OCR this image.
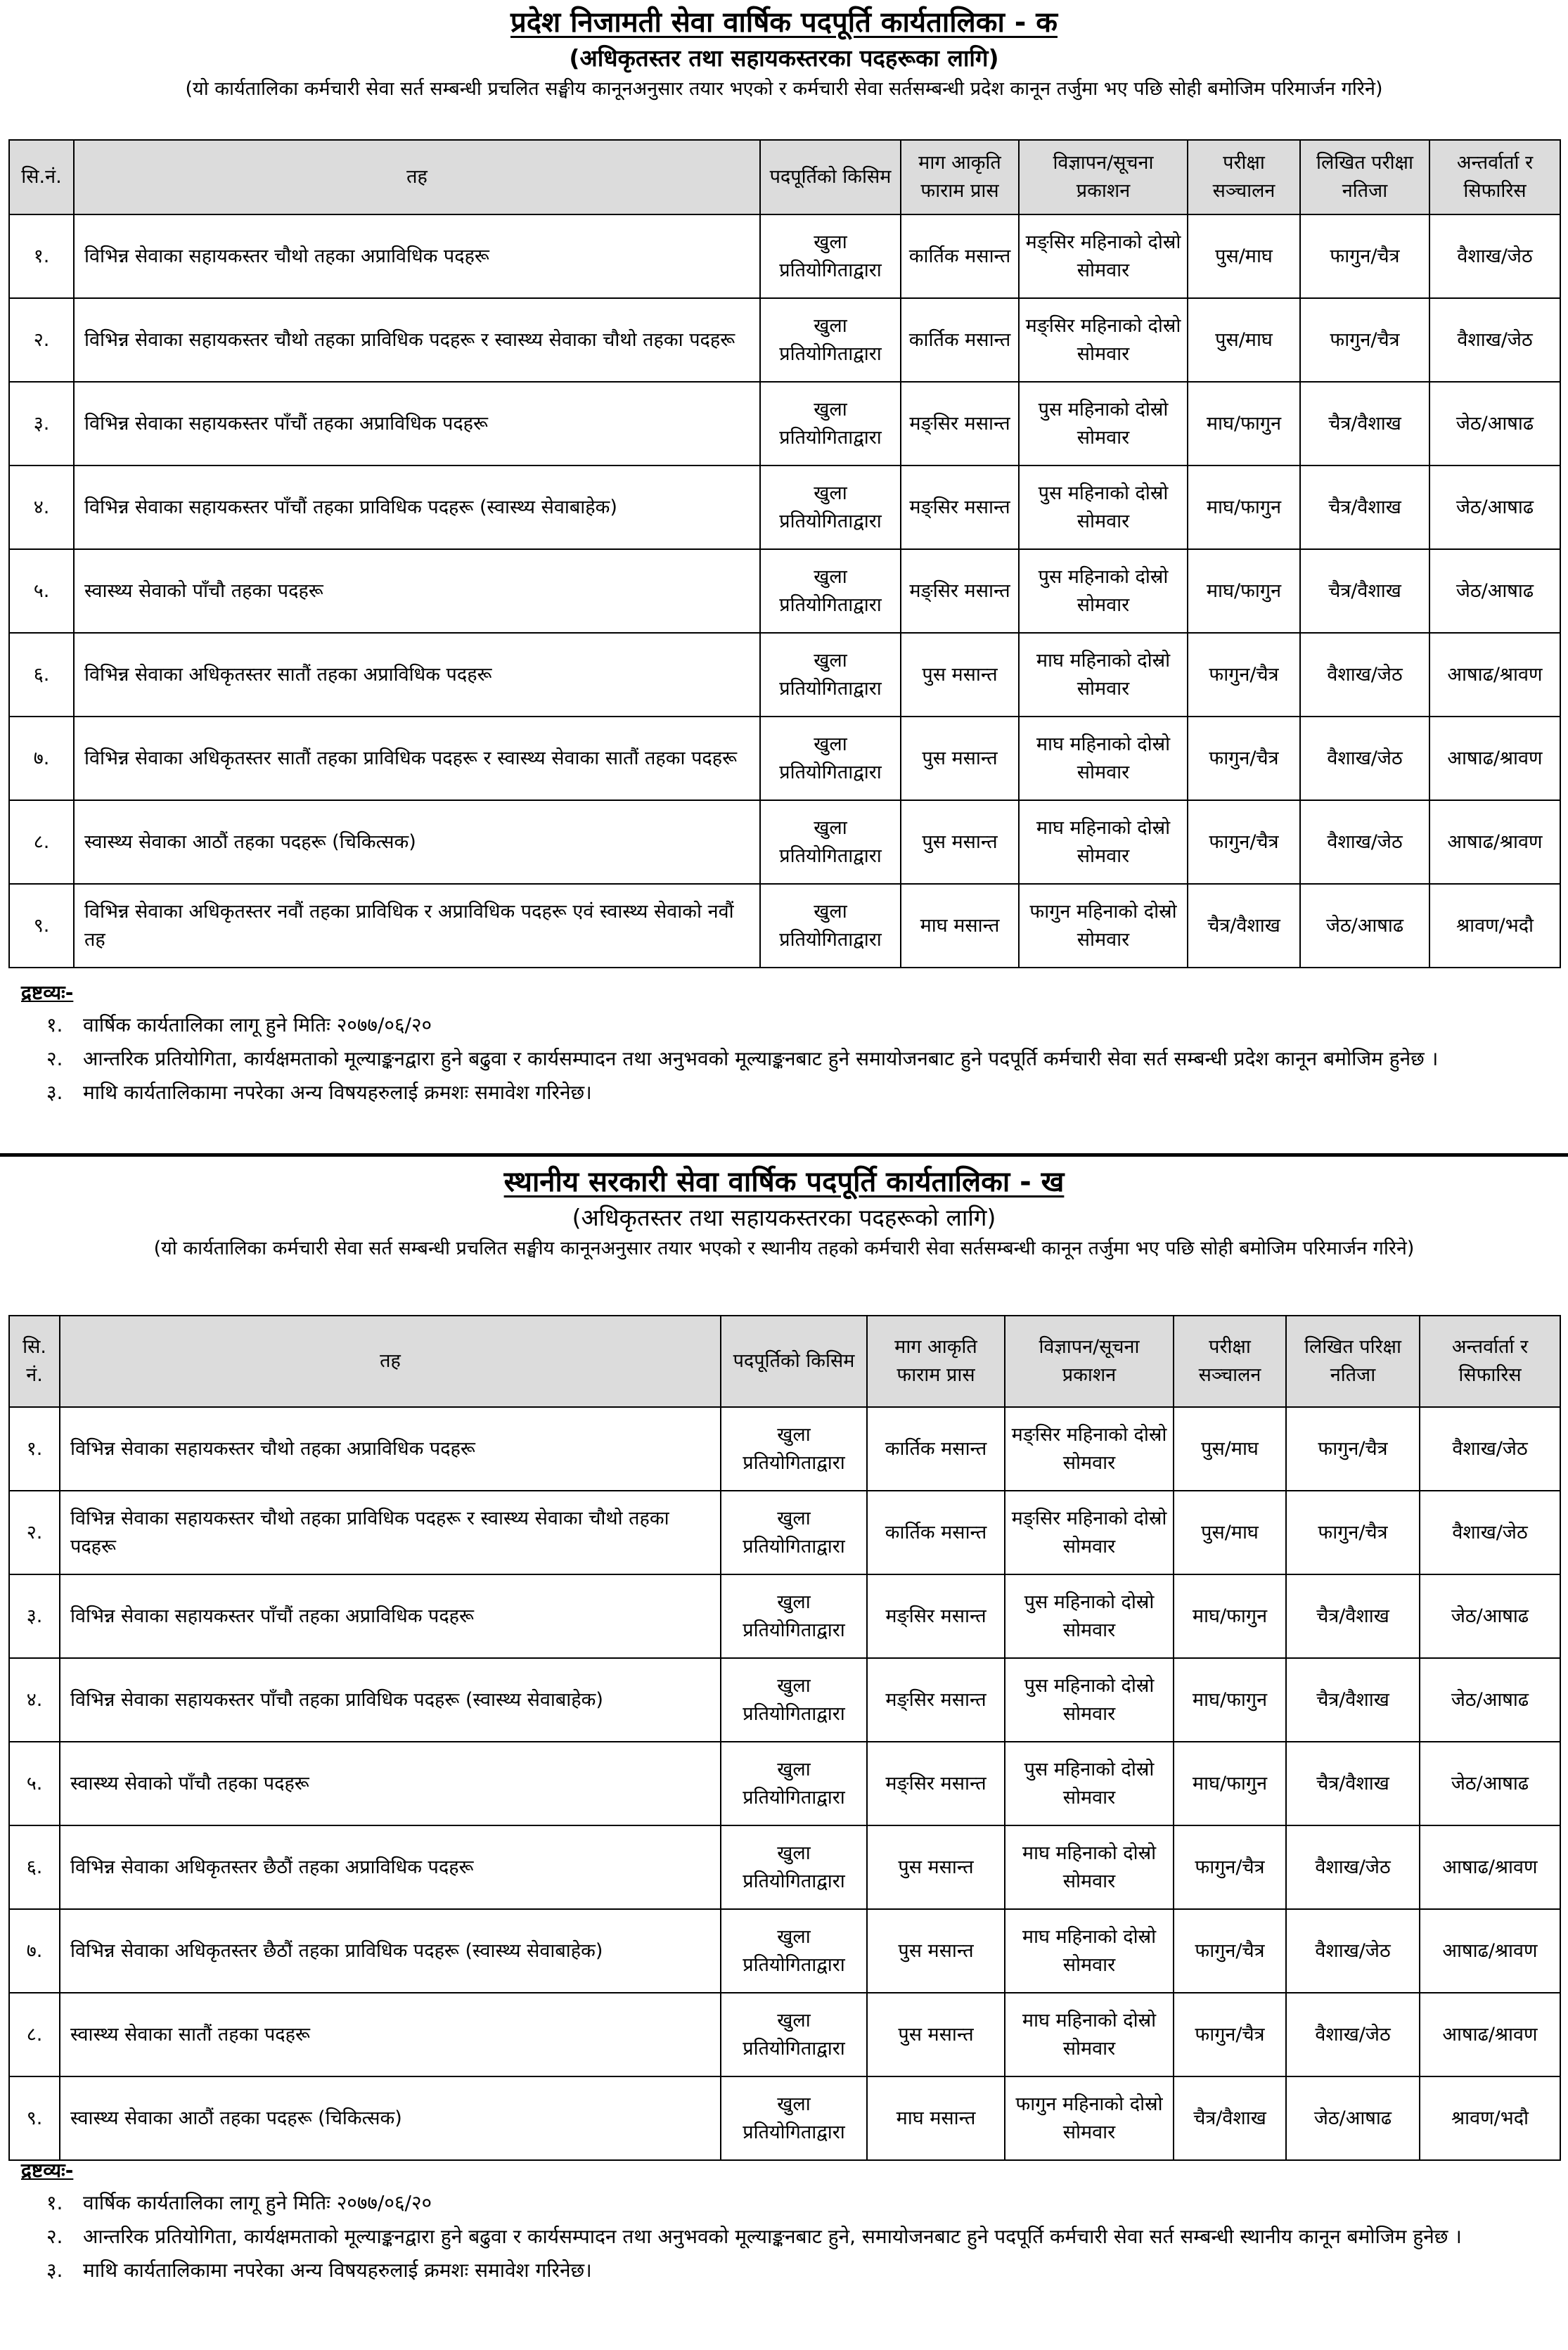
प्रदेश निजामती सेवा वार्षिक पदपूर्ति कार्यतालिका - क
(अधिकृतस्तर तथा सहायकस्तरका पदहरूका लागि)
(यो कार्यतालिका कर्मचारी सेवा सर्त सम्बन्धी प्रचलित सङ्घीय कानूनअनुसार तयार भएको र कर्मचारी सेवा सर्तसम्बन्धी प्रदेश कानून तर्जुमा भए पछि सोही बमोजिम परिमार्जन गरिने)
सि.नं.	तह	पदपूर्तिको किसिम	माग आकृति फाराम प्रास	विज्ञापन/सूचना प्रकाशन	परीक्षा सञ्चालन	लिखित परीक्षा नतिजा	अन्तर्वार्ता र सिफारिस
१.	विभिन्न सेवाका सहायकस्तर चौथो तहका अप्राविधिक पदहरू	खुला प्रतियोगिताद्वारा	कार्तिक मसान्त	मङ्सिर महिनाको दोस्रो सोमवार	पुस/माघ	फागुन/चैत्र	वैशाख/जेठ
२.	विभिन्न सेवाका सहायकस्तर चौथो तहका प्राविधिक पदहरू र स्वास्थ्य सेवाका चौथो तहका पदहरू	खुला प्रतियोगिताद्वारा	कार्तिक मसान्त	मङ्सिर महिनाको दोस्रो सोमवार	पुस/माघ	फागुन/चैत्र	वैशाख/जेठ
३.	विभिन्न सेवाका सहायकस्तर पाँचौं तहका अप्राविधिक पदहरू	खुला प्रतियोगिताद्वारा	मङ्सिर मसान्त	पुस महिनाको दोस्रो सोमवार	माघ/फागुन	चैत्र/वैशाख	जेठ/आषाढ
४.	विभिन्न सेवाका सहायकस्तर पाँचौं तहका प्राविधिक पदहरू (स्वास्थ्य सेवाबाहेक)	खुला प्रतियोगिताद्वारा	मङ्सिर मसान्त	पुस महिनाको दोस्रो सोमवार	माघ/फागुन	चैत्र/वैशाख	जेठ/आषाढ
५.	स्वास्थ्य सेवाको पाँचौ तहका पदहरू	खुला प्रतियोगिताद्वारा	मङ्सिर मसान्त	पुस महिनाको दोस्रो सोमवार	माघ/फागुन	चैत्र/वैशाख	जेठ/आषाढ
६.	विभिन्न सेवाका अधिकृतस्तर सातौं तहका अप्राविधिक पदहरू	खुला प्रतियोगिताद्वारा	पुस मसान्त	माघ महिनाको दोस्रो सोमवार	फागुन/चैत्र	वैशाख/जेठ	आषाढ/श्रावण
७.	विभिन्न सेवाका अधिकृतस्तर सातौं तहका प्राविधिक पदहरू र स्वास्थ्य सेवाका सातौं तहका पदहरू	खुला प्रतियोगिताद्वारा	पुस मसान्त	माघ महिनाको दोस्रो सोमवार	फागुन/चैत्र	वैशाख/जेठ	आषाढ/श्रावण
८.	स्वास्थ्य सेवाका आठौं तहका पदहरू (चिकित्सक)	खुला प्रतियोगिताद्वारा	पुस मसान्त	माघ महिनाको दोस्रो सोमवार	फागुन/चैत्र	वैशाख/जेठ	आषाढ/श्रावण
९.	विभिन्न सेवाका अधिकृतस्तर नवौं तहका प्राविधिक र अप्राविधिक पदहरू एवं स्वास्थ्य सेवाको नवौं तह	खुला प्रतियोगिताद्वारा	माघ मसान्त	फागुन महिनाको दोस्रो सोमवार	चैत्र/वैशाख	जेठ/आषाढ	श्रावण/भदौ
द्रष्टव्यः-
१.	वार्षिक कार्यतालिका लागू हुने मितिः २०७७/०६/२०
२.	आन्तरिक प्रतियोगिता, कार्यक्षमताको मूल्याङ्कनद्वारा हुने बढुवा र कार्यसम्पादन तथा अनुभवको मूल्याङ्कनबाट हुने समायोजनबाट हुने पदपूर्ति कर्मचारी सेवा सर्त सम्बन्धी प्रदेश कानून बमोजिम हुनेछ ।
३.	माथि कार्यतालिकामा नपरेका अन्य विषयहरुलाई क्रमशः समावेश गरिनेछ।
स्थानीय सरकारी सेवा वार्षिक पदपूर्ति कार्यतालिका - ख
(अधिकृतस्तर तथा सहायकस्तरका पदहरूको लागि)
(यो कार्यतालिका कर्मचारी सेवा सर्त सम्बन्धी प्रचलित सङ्घीय कानूनअनुसार तयार भएको र स्थानीय तहको कर्मचारी सेवा सर्तसम्बन्धी कानून तर्जुमा भए पछि सोही बमोजिम परिमार्जन गरिने)
सि. नं.	तह	पदपूर्तिको किसिम	माग आकृति फाराम प्रास	विज्ञापन/सूचना प्रकाशन	परीक्षा सञ्चालन	लिखित परिक्षा नतिजा	अन्तर्वार्ता र सिफारिस
१.	विभिन्न सेवाका सहायकस्तर चौथो तहका अप्राविधिक पदहरू	खुला प्रतियोगिताद्वारा	कार्तिक मसान्त	मङ्सिर महिनाको दोस्रो सोमवार	पुस/माघ	फागुन/चैत्र	वैशाख/जेठ
२.	विभिन्न सेवाका सहायकस्तर चौथो तहका प्राविधिक पदहरू र स्वास्थ्य सेवाका चौथो तहका पदहरू	खुला प्रतियोगिताद्वारा	कार्तिक मसान्त	मङ्सिर महिनाको दोस्रो सोमवार	पुस/माघ	फागुन/चैत्र	वैशाख/जेठ
३.	विभिन्न सेवाका सहायकस्तर पाँचौं तहका अप्राविधिक पदहरू	खुला प्रतियोगिताद्वारा	मङ्सिर मसान्त	पुस महिनाको दोस्रो सोमवार	माघ/फागुन	चैत्र/वैशाख	जेठ/आषाढ
४.	विभिन्न सेवाका सहायकस्तर पाँचौ तहका प्राविधिक पदहरू (स्वास्थ्य सेवाबाहेक)	खुला प्रतियोगिताद्वारा	मङ्सिर मसान्त	पुस महिनाको दोस्रो सोमवार	माघ/फागुन	चैत्र/वैशाख	जेठ/आषाढ
५.	स्वास्थ्य सेवाको पाँचौ तहका पदहरू	खुला प्रतियोगिताद्वारा	मङ्सिर मसान्त	पुस महिनाको दोस्रो सोमवार	माघ/फागुन	चैत्र/वैशाख	जेठ/आषाढ
६.	विभिन्न सेवाका अधिकृतस्तर छैठौं तहका अप्राविधिक पदहरू	खुला प्रतियोगिताद्वारा	पुस मसान्त	माघ महिनाको दोस्रो सोमवार	फागुन/चैत्र	वैशाख/जेठ	आषाढ/श्रावण
७.	विभिन्न सेवाका अधिकृतस्तर छैठौं तहका प्राविधिक पदहरू (स्वास्थ्य सेवाबाहेक)	खुला प्रतियोगिताद्वारा	पुस मसान्त	माघ महिनाको दोस्रो सोमवार	फागुन/चैत्र	वैशाख/जेठ	आषाढ/श्रावण
८.	स्वास्थ्य सेवाका सातौं तहका पदहरू	खुला प्रतियोगिताद्वारा	पुस मसान्त	माघ महिनाको दोस्रो सोमवार	फागुन/चैत्र	वैशाख/जेठ	आषाढ/श्रावण
९.	स्वास्थ्य सेवाका आठौं तहका पदहरू (चिकित्सक)	खुला प्रतियोगिताद्वारा	माघ मसान्त	फागुन महिनाको दोस्रो सोमवार	चैत्र/वैशाख	जेठ/आषाढ	श्रावण/भदौ
द्रष्टव्यः-
१.	वार्षिक कार्यतालिका लागू हुने मितिः २०७७/०६/२०
२.	आन्तरिक प्रतियोगिता, कार्यक्षमताको मूल्याङ्कनद्वारा हुने बढुवा र कार्यसम्पादन तथा अनुभवको मूल्याङ्कनबाट हुने, समायोजनबाट हुने पदपूर्ति कर्मचारी सेवा सर्त सम्बन्धी स्थानीय कानून बमोजिम हुनेछ ।
३.	माथि कार्यतालिकामा नपरेका अन्य विषयहरुलाई क्रमशः समावेश गरिनेछ।
